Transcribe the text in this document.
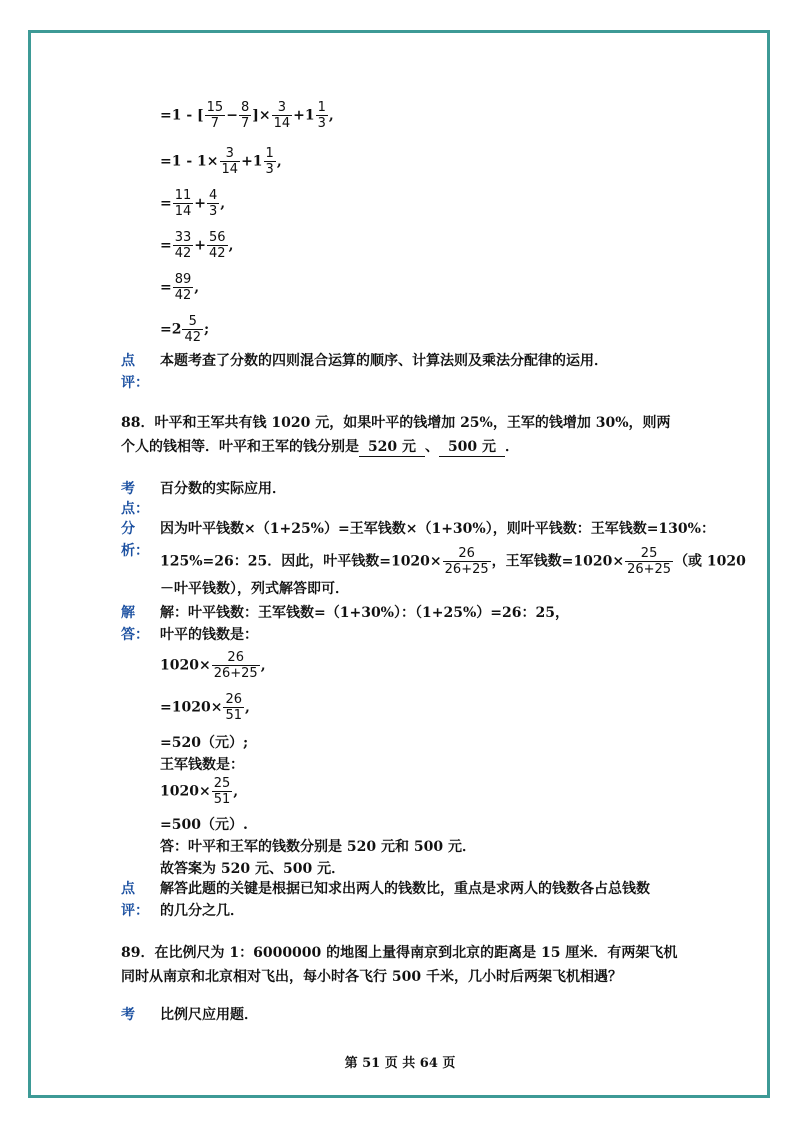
=1 - [ $\frac{15}{7} - \frac{8}{7}$ ]× $\frac{3}{14} +1 \frac{1}{3}$ ,
$=1 - 1\times \frac{3}{14} +1 \frac{1}{3}$ ,
= $\frac{11}{14} + \frac{4}{3}$ ,
= $\frac{33}{42} + \frac{56}{42}$ ,
= $\frac{89}{42}$ ,
$=2 \frac{5}{42}$ ;
点
评：
本题考查了分数的四则混合运算的顺序、计算法则及乘法分配律的运用．
88．叶平和王军共有钱 1020 元，如果叶平的钱增加 25%，王军的钱增加 30%，则两
个人的钱相等．叶平和王军的钱分别是 520 元 、 500 元 ．
考
点：
百分数的实际应用．
分
析：
因为叶平钱数×（1+25%）=王军钱数×（1+30%），则叶平钱数：王军钱数=130%：
125%=26：25．因此，叶平钱数$=1020\times \frac{26}{26+25}$ ，王军钱数$=1020\times \frac{25}{26+25}$ （或 1020
－叶平钱数），列式解答即可．
解
答：
解：叶平钱数：王军钱数=（1+30%）：（1+25%）=26：25，
叶平的钱数是：
$1020\times \frac{26}{26+25}$ ,
$=1020\times \frac{26}{51}$ ,
=520（元）;
王军钱数是：
$1020\times \frac{25}{51}$ ,
=500（元）.
答：叶平和王军的钱数分别是 520 元和 500 元．
故答案为 520 元、500 元．
点
评：
解答此题的关键是根据已知求出两人的钱数比，重点是求两人的钱数各占总钱数
的几分之几．
89．在比例尺为 1：6000000 的地图上量得南京到北京的距离是 15 厘米．有两架飞机
同时从南京和北京相对飞出，每小时各飞行 500 千米，几小时后两架飞机相遇？
考	比例尺应用题．
第 51 页 共 64 页
